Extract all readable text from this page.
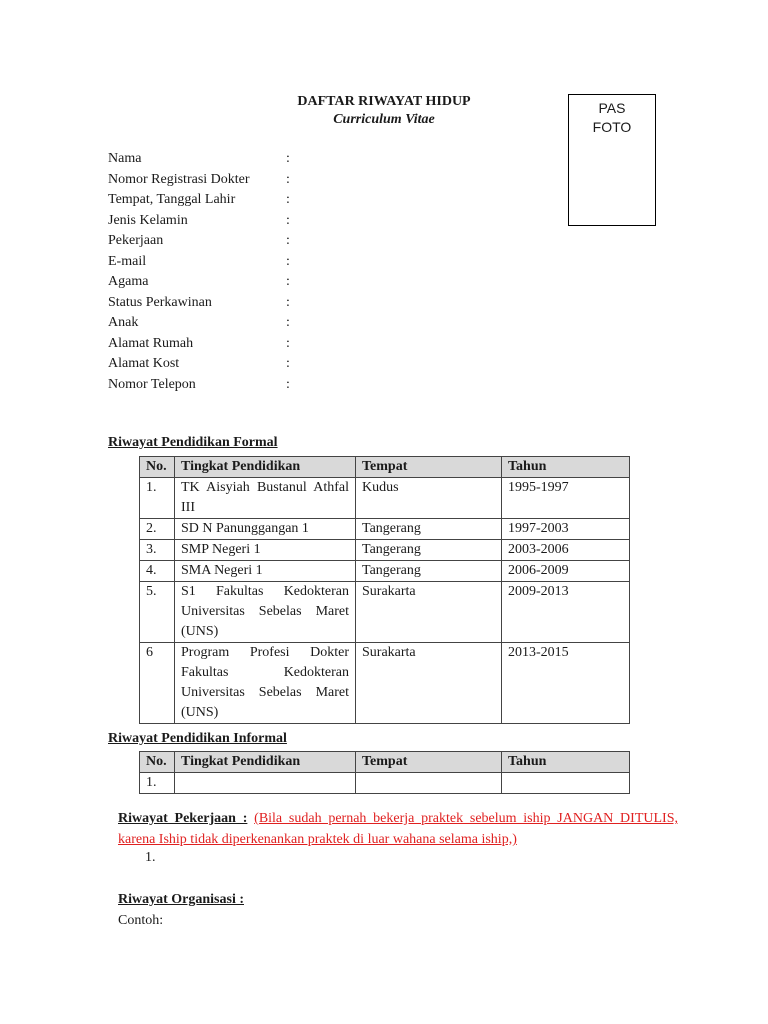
DAFTAR RIWAYAT HIDUP
Curriculum Vitae
PAS
FOTO
Nama	:
Nomor Registrasi Dokter	:
Tempat, Tanggal Lahir	:
Jenis Kelamin	:
Pekerjaan	:
E-mail	:
Agama	:
Status Perkawinan	:
Anak	:
Alamat Rumah	:
Alamat Kost	:
Nomor Telepon	:
Riwayat Pendidikan Formal
No.	Tingkat Pendidikan	Tempat	Tahun
1.	TK Aisyiah Bustanul Athfal III	Kudus	1995-1997
2.	SD N Panunggangan 1	Tangerang	1997-2003
3.	SMP Negeri 1	Tangerang	2003-2006
4.	SMA Negeri 1	Tangerang	2006-2009
5.	S1 Fakultas Kedokteran Universitas Sebelas Maret (UNS)	Surakarta	2009-2013
6	Program Profesi Dokter Fakultas Kedokteran Universitas Sebelas Maret (UNS)	Surakarta	2013-2015
Riwayat Pendidikan Informal
No.	Tingkat Pendidikan	Tempat	Tahun
1.			
Riwayat Pekerjaan : (Bila sudah pernah bekerja praktek sebelum iship JANGAN DITULIS, karena Iship tidak diperkenankan praktek di luar wahana selama iship,)
1.
Riwayat Organisasi :
Contoh:
